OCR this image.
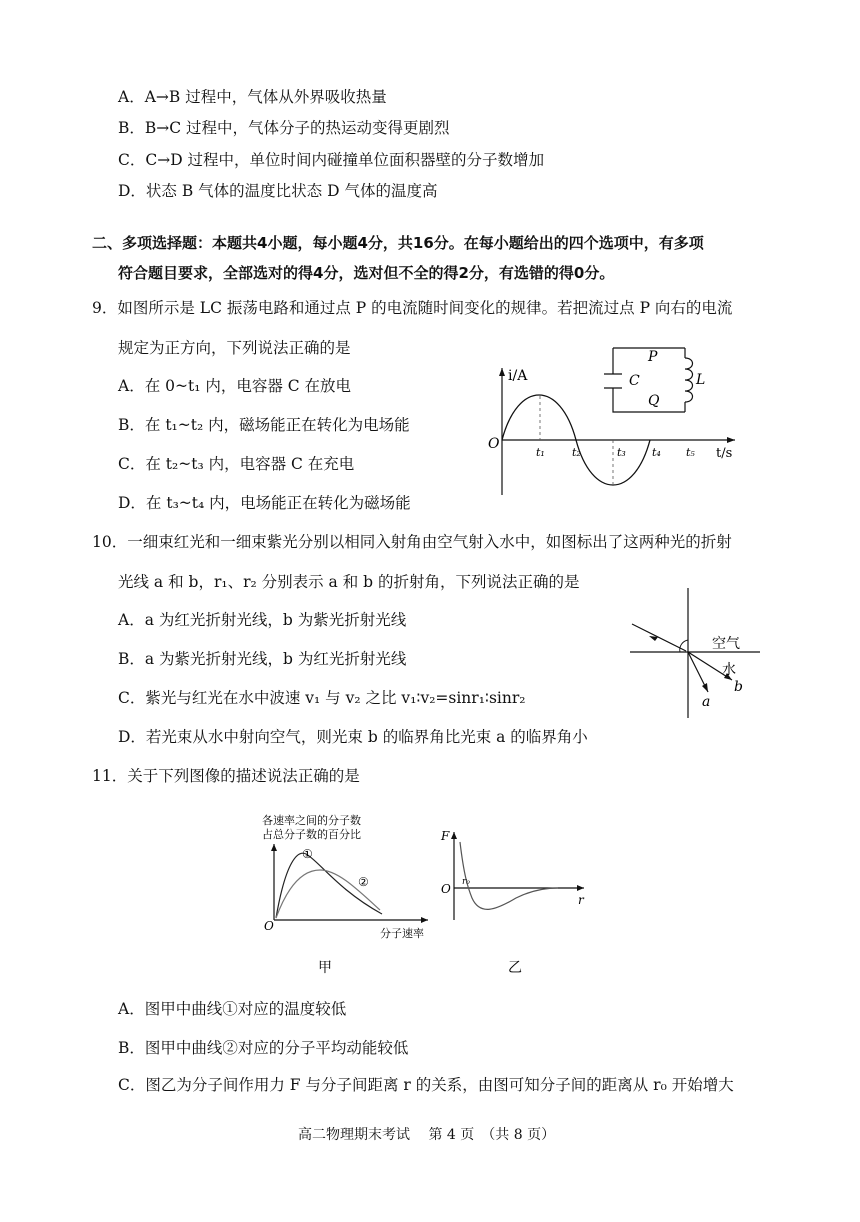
A．A→B 过程中，气体从外界吸收热量
B．B→C 过程中，气体分子的热运动变得更剧烈
C．C→D 过程中，单位时间内碰撞单位面积器壁的分子数增加
D．状态 B 气体的温度比状态 D 气体的温度高
二、多项选择题：本题共4小题，每小题4分，共16分。在每小题给出的四个选项中，有多项
符合题目要求，全部选对的得4分，选对但不全的得2分，有选错的得0分。
9．如图所示是 LC 振荡电路和通过点 P 的电流随时间变化的规律。若把流过点 P 向右的电流
规定为正方向，下列说法正确的是
A．在 0~t₁ 内，电容器 C 在放电
B．在 t₁~t₂ 内，磁场能正在转化为电场能
C．在 t₂~t₃ 内，电容器 C 在充电
D．在 t₃~t₄ 内，电场能正在转化为磁场能
C	L
P
Q
i/A
t/s
O
t₁ t₂	t₃ t₄ t₅
10．一细束红光和一细束紫光分别以相同入射角由空气射入水中，如图标出了这两种光的折射
光线 a 和 b，r₁、r₂ 分别表示 a 和 b 的折射角，下列说法正确的是
A．a 为红光折射光线，b 为紫光折射光线
B．a 为紫光折射光线，b 为红光折射光线
C．紫光与红光在水中波速 v₁ 与 v₂ 之比 v₁∶v₂=sinr₁∶sinr₂
D．若光束从水中射向空气，则光束 b 的临界角比光束 a 的临界角小
空气
水
a
b
11．关于下列图像的描述说法正确的是
各速率之间的分子数
占总分子数的百分比
①
②
O
分子速率
甲
F
O r₀
r
乙
A．图甲中曲线①对应的温度较低
B．图甲中曲线②对应的分子平均动能较低
C．图乙为分子间作用力 F 与分子间距离 r 的关系，由图可知分子间的距离从 r₀ 开始增大
高二物理期末考试　 第 4 页　（共 8 页）
